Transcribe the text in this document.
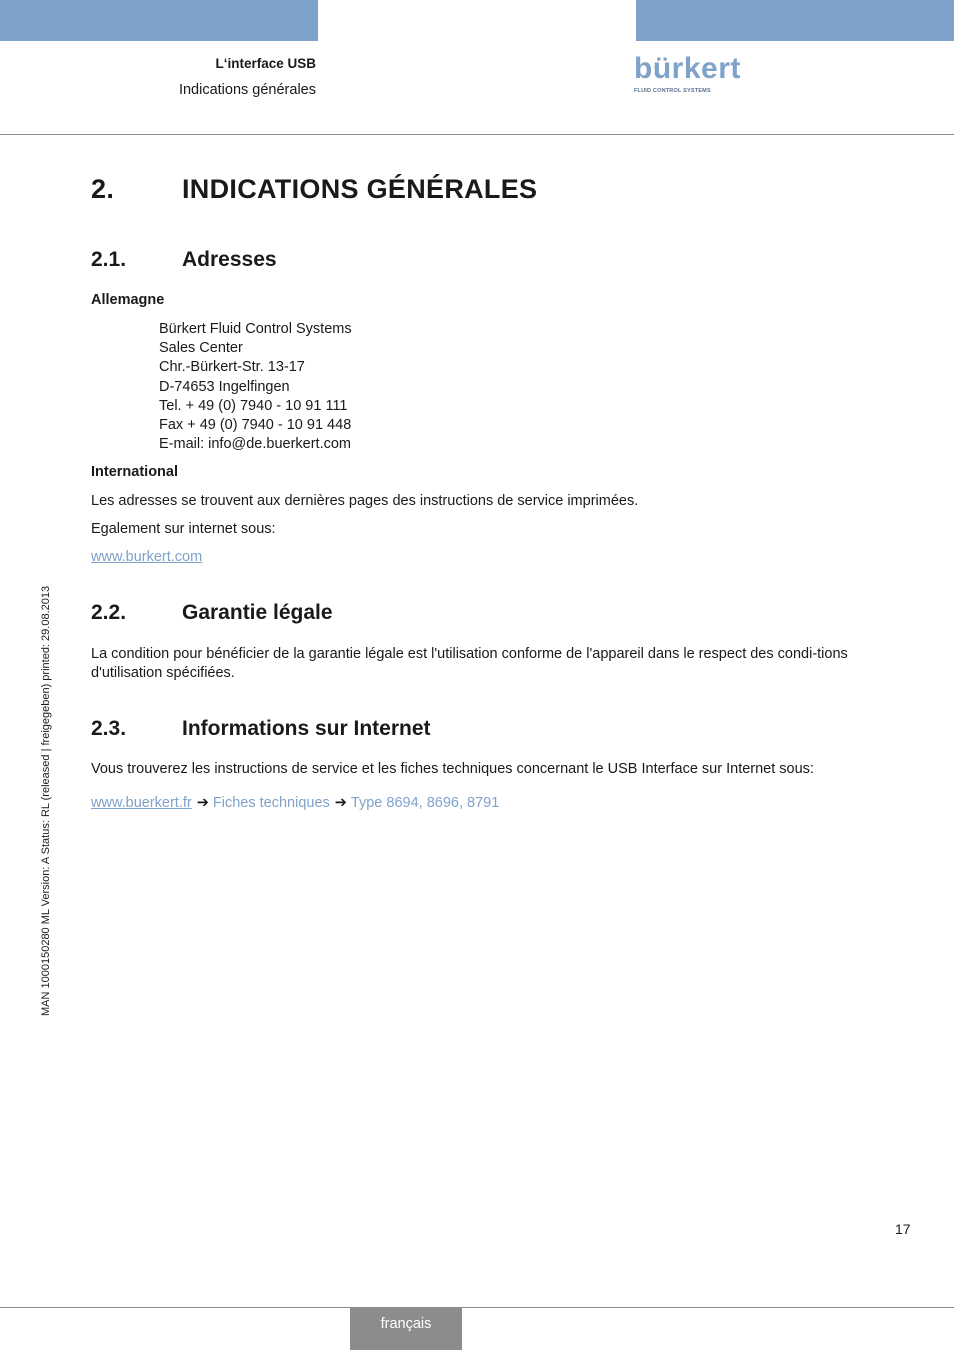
L‘interface USB
Indications générales
bürkert
FLUID CONTROL SYSTEMS
2.	INDICATIONS GÉNÉRALES
2.1.	Adresses
Allemagne
Bürkert Fluid Control Systems
Sales Center
Chr.-Bürkert-Str. 13-17
D-74653 Ingelfingen
Tel. + 49 (0) 7940 - 10 91 111
Fax + 49 (0) 7940 - 10 91 448
E-mail: info@de.buerkert.com
International
Les adresses se trouvent aux dernières pages des instructions de service imprimées.
Egalement sur internet sous:
www.burkert.com
2.2.	Garantie légale
La condition pour bénéficier de la garantie légale est l'utilisation conforme de l'appareil dans le respect des condi-tions d'utilisation spécifiées.
2.3.	Informations sur Internet
Vous trouverez les instructions de service et les fiches techniques concernant le USB Interface sur Internet sous:
www.buerkert.fr ➔ Fiches techniques ➔ Type 8694, 8696, 8791
MAN 1000150280 ML Version: A Status: RL (released | freigegeben) printed: 29.08.2013
17
français
